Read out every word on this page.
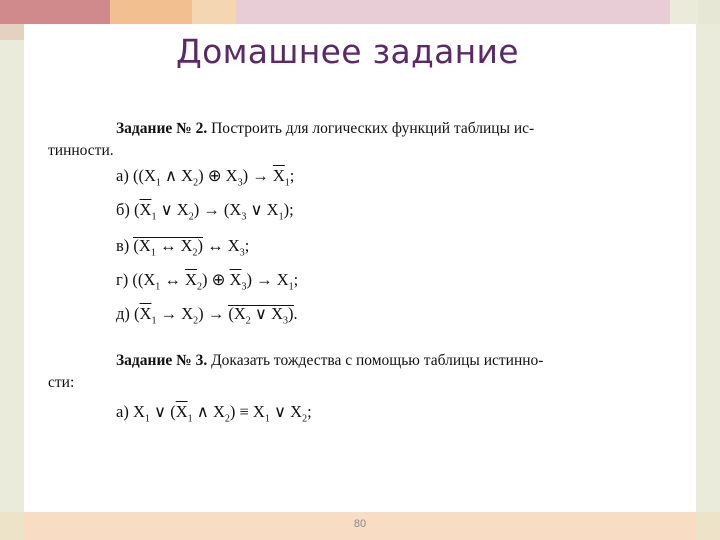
Домашнее задание
Задание № 2. Построить для логических функций таблицы ис-
тинности.
а) (($X_1$ ∧ $X_2$) ⊕ $X_3) \to \overline{X}_1$;
б) ($\overline{X}_1$ ∨ $X_2) \to (X_3$ ∨ $X_1$);
в) ($X_1$ ↔ $X_2$) ↔ $X_3$;
г) (($X_1$ ↔ $\overline{X}_2$) ⊕ $\overline{X}_3) \to X_1$;
д) $(\overline{X}_1 \to X_2) \to (X_2$ ∨ $X_3$).
Задание № 3. Доказать тождества с помощью таблицы истинно-
сти:
а) $X_1$ ∨ ($\overline{X}_1$ ∧ $X_2) \equiv X_1$ ∨ $X_2$;
80
